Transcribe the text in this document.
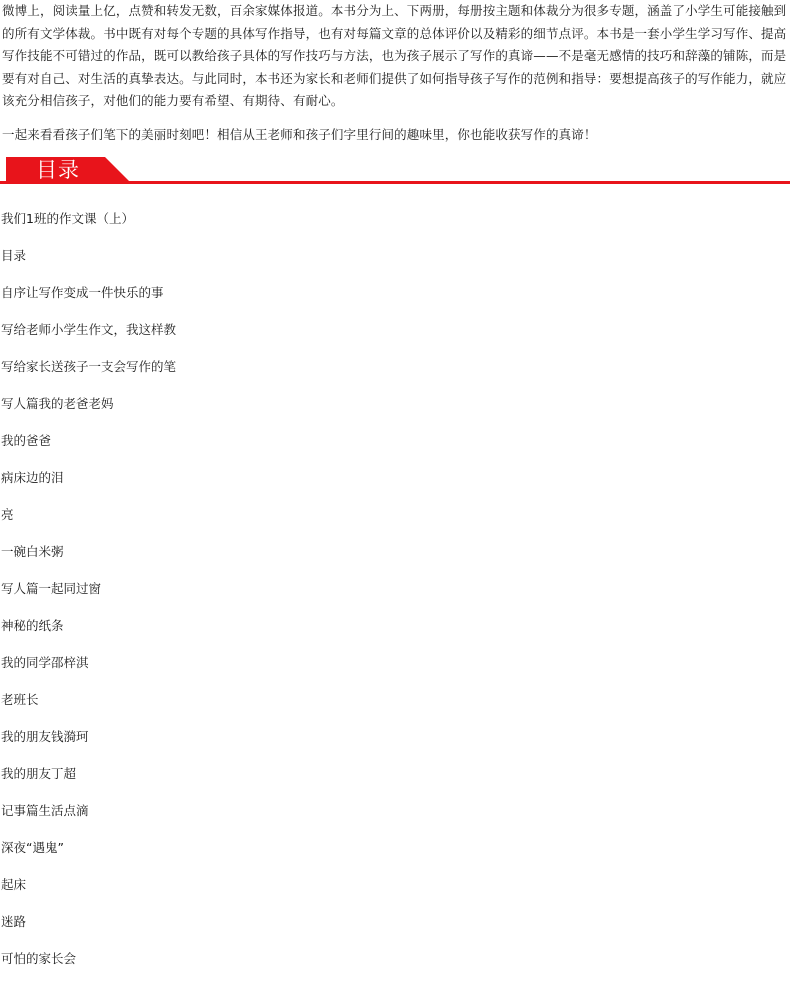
微博上，阅读量上亿，点赞和转发无数，百余家媒体报道。本书分为上、下两册，每册按主题和体裁分为很多专题，涵盖了小学生可能接触到的所有文学体裁。书中既有对每个专题的具体写作指导，也有对每篇文章的总体评价以及精彩的细节点评。本书是一套小学生学习写作、提高写作技能不可错过的作品，既可以教给孩子具体的写作技巧与方法，也为孩子展示了写作的真谛——不是毫无感情的技巧和辞藻的铺陈，而是要有对自己、对生活的真挚表达。与此同时，本书还为家长和老师们提供了如何指导孩子写作的范例和指导：要想提高孩子的写作能力，就应该充分相信孩子，对他们的能力要有希望、有期待、有耐心。

一起来看看孩子们笔下的美丽时刻吧！相信从王老师和孩子们字里行间的趣味里，你也能收获写作的真谛！

目录
我们1班的作文课（上）
目录
自序让写作变成一件快乐的事
写给老师小学生作文，我这样教
写给家长送孩子一支会写作的笔
写人篇我的老爸老妈
我的爸爸
病床边的泪
亮
一碗白米粥
写人篇一起同过窗
神秘的纸条
我的同学邵梓淇
老班长
我的朋友钱漪珂
我的朋友丁超
记事篇生活点滴
深夜“遇鬼”
起床
迷路
可怕的家长会
